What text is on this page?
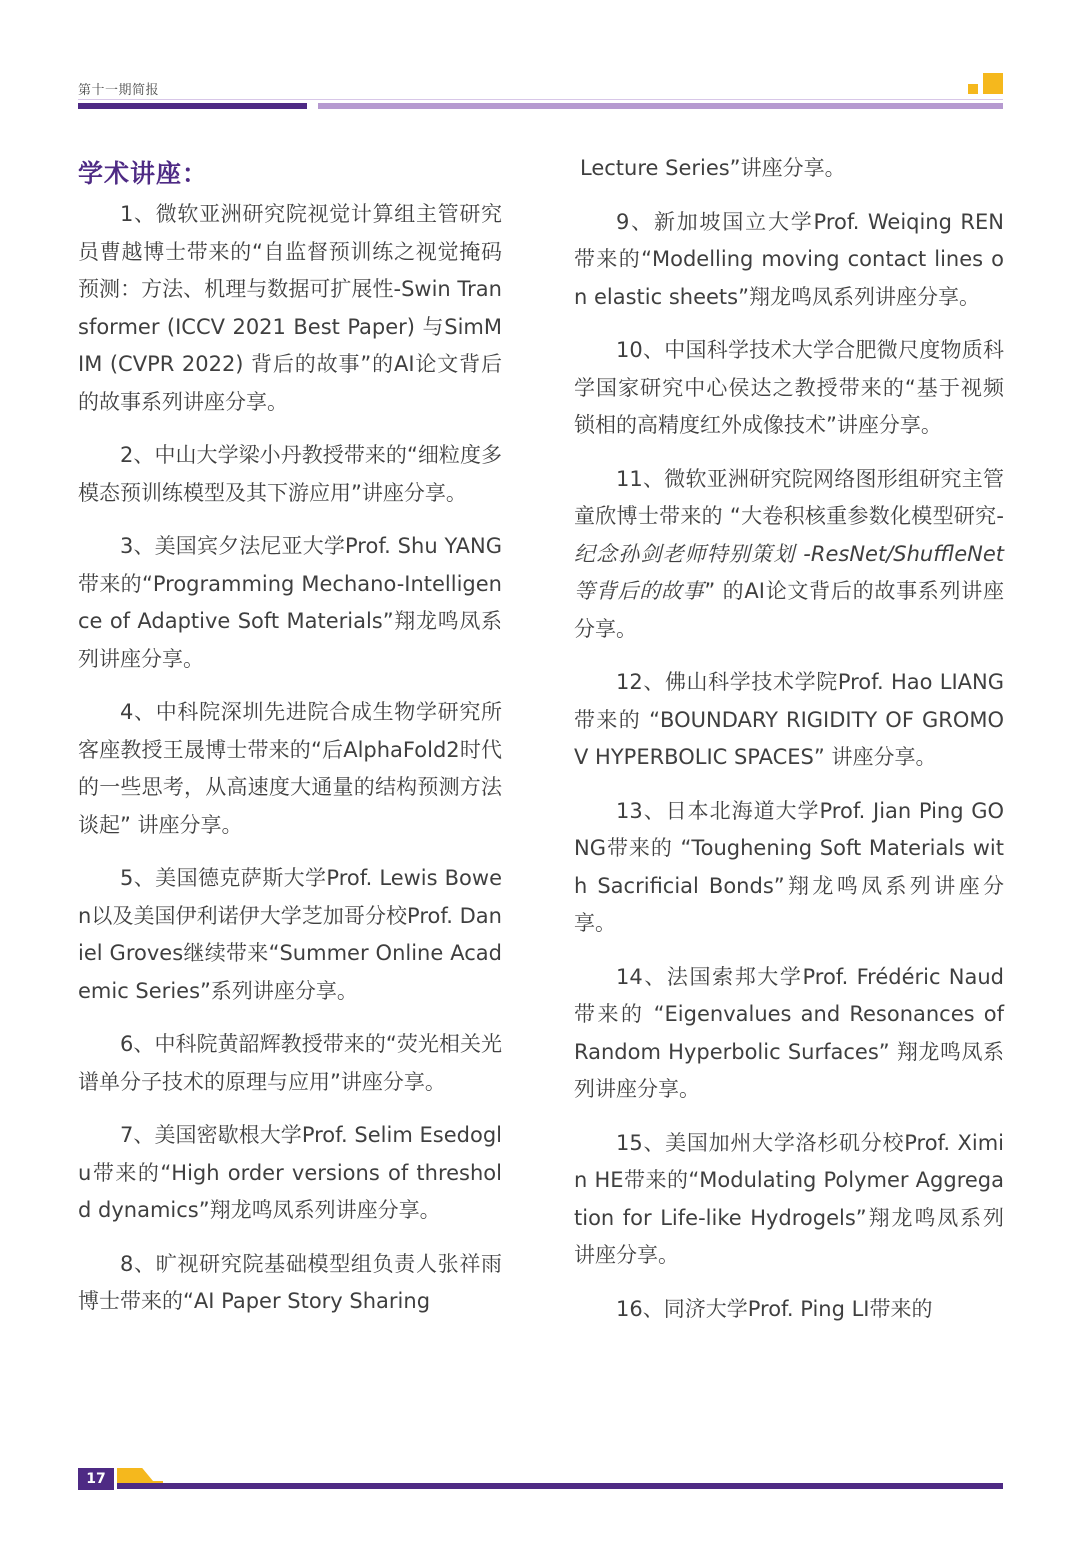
第十一期简报
学术讲座：

1、微软亚洲研究院视觉计算组主管研究员曹越博士带来的“自监督预训练之视觉掩码预测：方法、机理与数据可扩展性-Swin Transformer (ICCV 2021 Best Paper) 与SimMIM (CVPR 2022) 背后的故事”的AI论文背后的故事系列讲座分享。

2、中山大学梁小丹教授带来的“细粒度多模态预训练模型及其下游应用”讲座分享。

3、美国宾夕法尼亚大学Prof. Shu YANG带来的“Programming Mechano-Intelligence of Adaptive Soft Materials”翔龙鸣凤系列讲座分享。

4、中科院深圳先进院合成生物学研究所客座教授王晟博士带来的“后AlphaFold2时代的一些思考，从高速度大通量的结构预测方法谈起” 讲座分享。

5、美国德克萨斯大学Prof. Lewis Bowen以及美国伊利诺伊大学芝加哥分校Prof. Daniel Groves继续带来“Summer Online Academic Series”系列讲座分享。

6、中科院黄韶辉教授带来的“荧光相关光谱单分子技术的原理与应用”讲座分享。

7、美国密歇根大学Prof. Selim Esedoglu带来的“High order versions of threshold dynamics”翔龙鸣凤系列讲座分享。

8、旷视研究院基础模型组负责人张祥雨博士带来的“AI Paper Story Sharing

Lecture Series”讲座分享。

9、新加坡国立大学Prof. Weiqing REN带来的“Modelling moving contact lines on elastic sheets”翔龙鸣凤系列讲座分享。

10、中国科学技术大学合肥微尺度物质科学国家研究中心侯达之教授带来的“基于视频锁相的高精度红外成像技术”讲座分享。

11、微软亚洲研究院网络图形组研究主管童欣博士带来的 “大卷积核重参数化模型研究- 纪念孙剑老师特别策划 -ResNet/ShuffleNet等背后的故事” 的AI论文背后的故事系列讲座分享。

12、佛山科学技术学院Prof. Hao LIANG带来的 “BOUNDARY RIGIDITY OF GROMOV HYPERBOLIC SPACES” 讲座分享。

13、日本北海道大学Prof. Jian Ping GONG带来的 “Toughening Soft Materials with Sacrificial Bonds”翔龙鸣凤系列讲座分享。

14、法国索邦大学Prof. Frédéric Naud带来的 “Eigenvalues and Resonances of Random Hyperbolic Surfaces” 翔龙鸣凤系列讲座分享。

15、美国加州大学洛杉矶分校Prof. Ximin HE带来的“Modulating Polymer Aggregation for Life-like Hydrogels”翔龙鸣凤系列讲座分享。

16、同济大学Prof. Ping LI带来的

17
